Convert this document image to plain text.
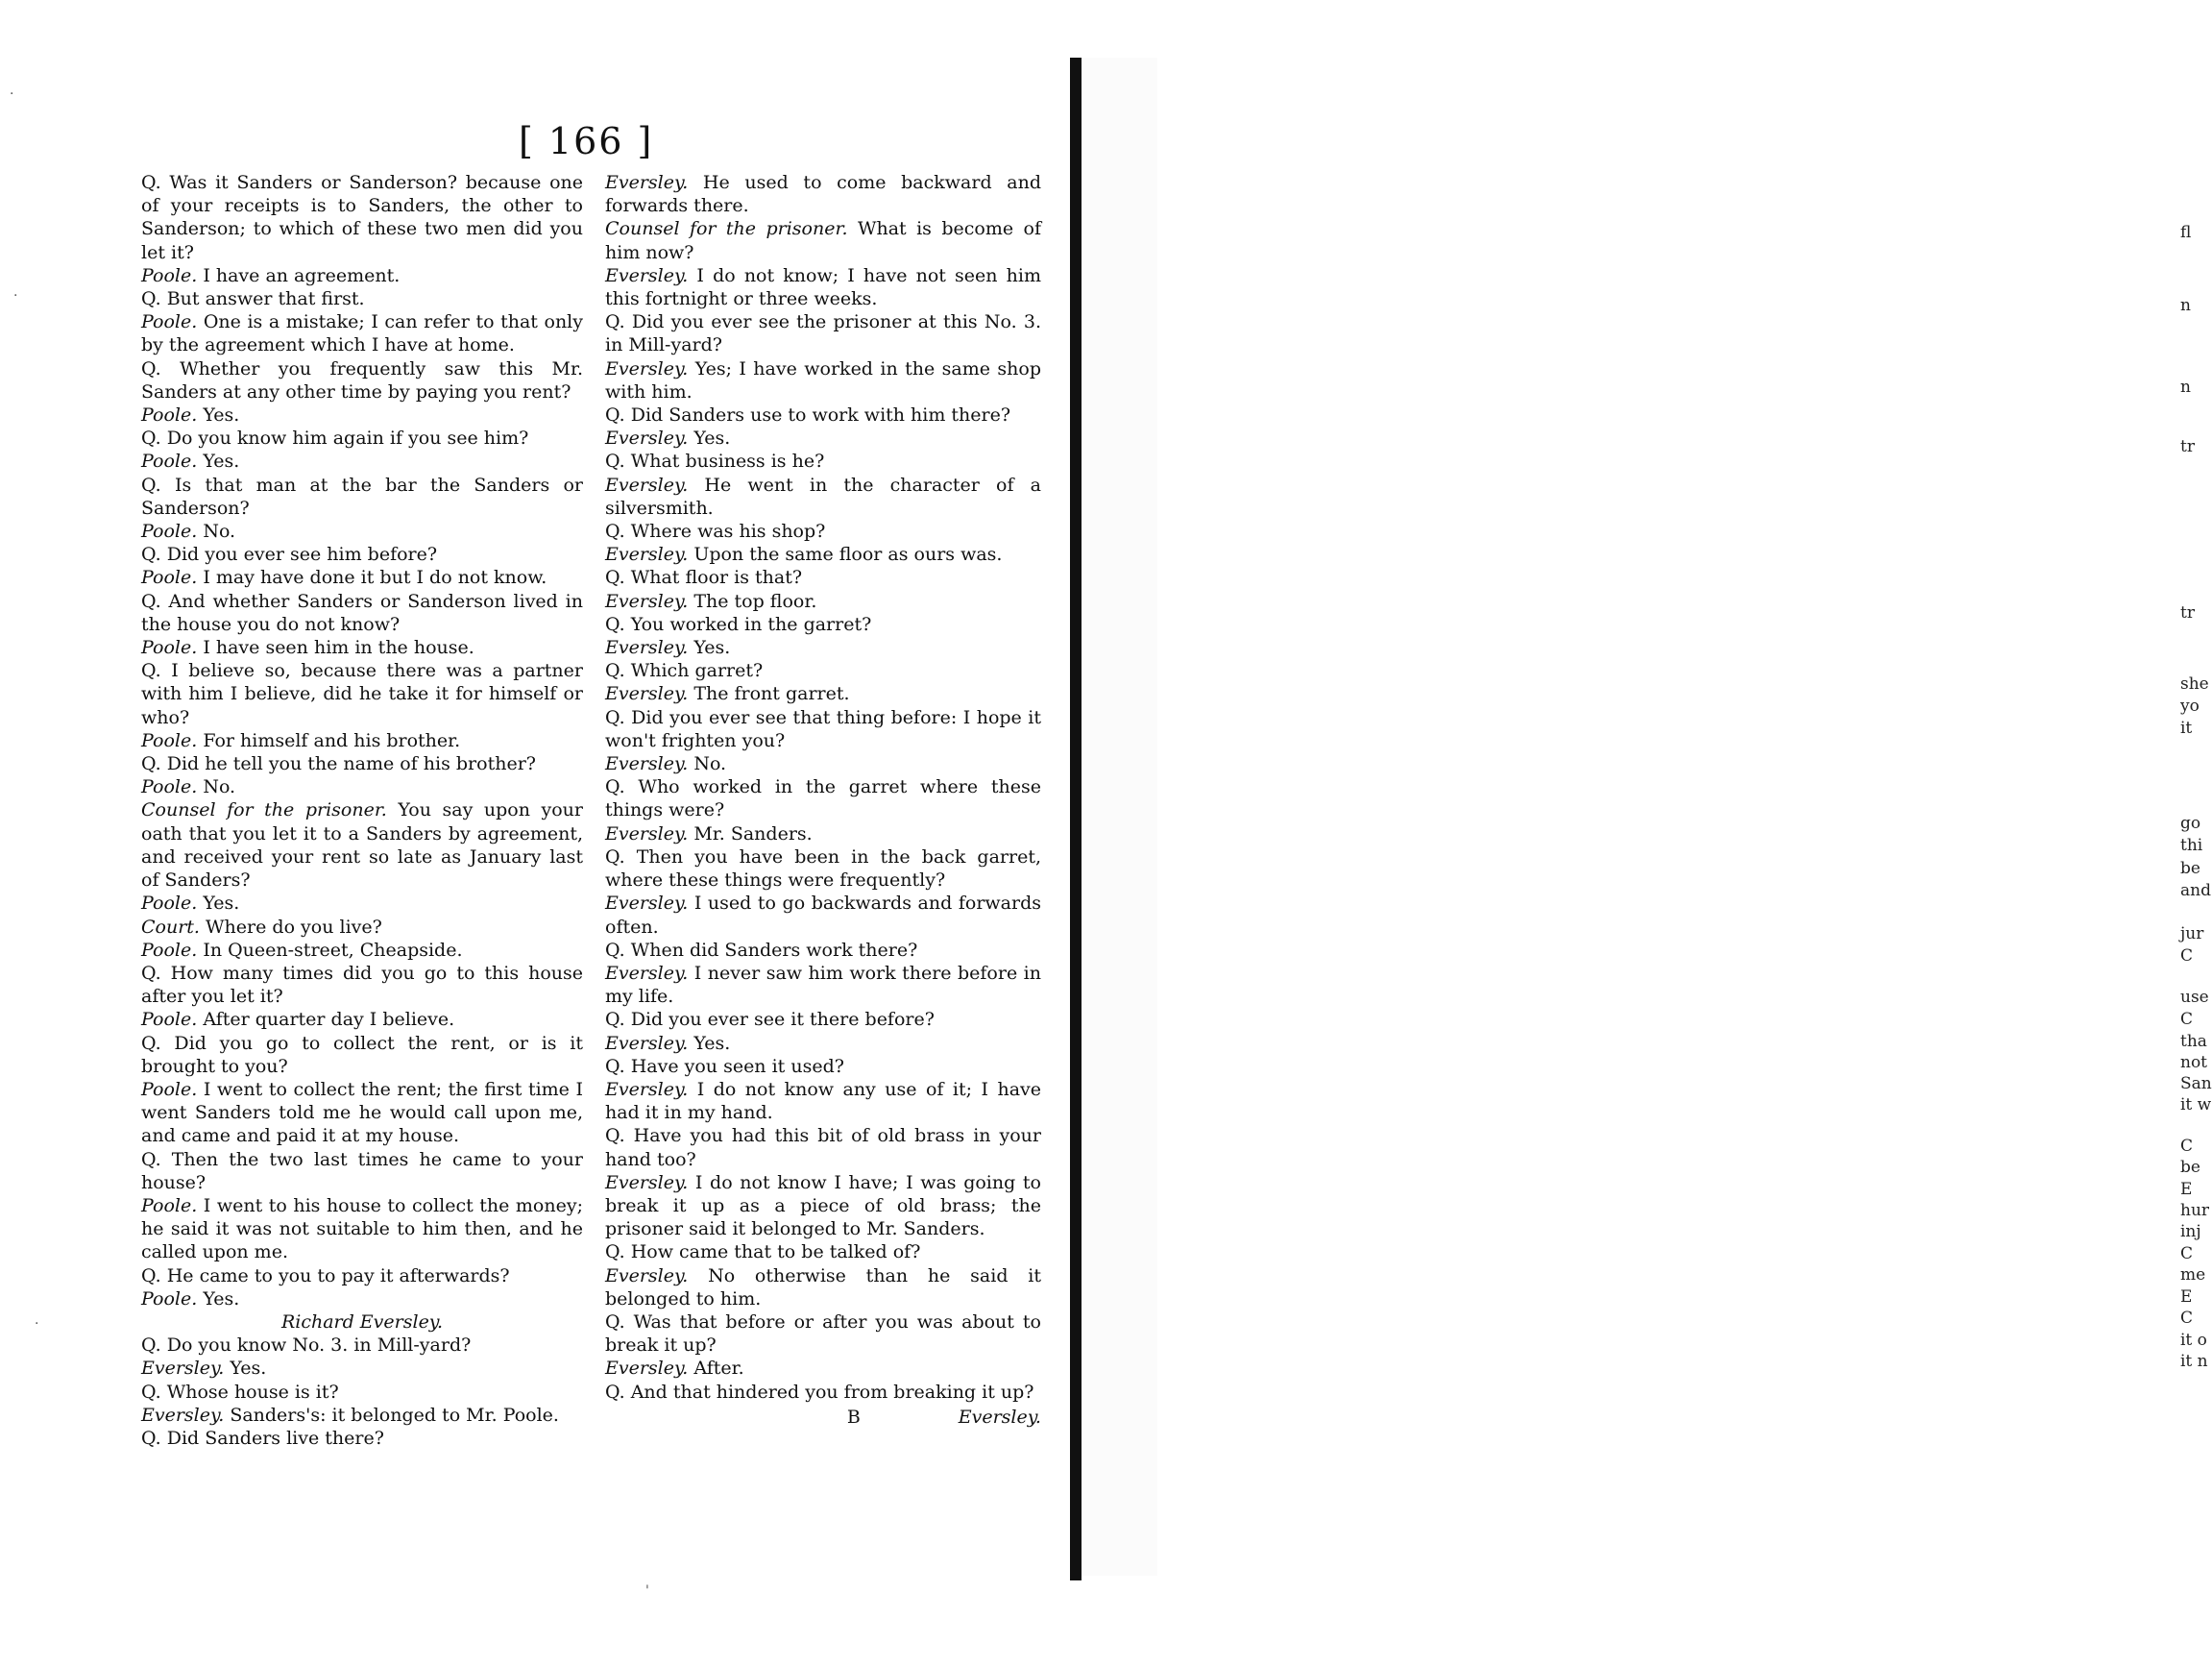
fl
n
n
tr
tr
she
yo
it
go
thi
be
and
jur
C
use
C
tha
not
San
it w
C
be
E
hur
inj
C
me
E
C
it o
it n
·
·
·
'
[ 166 ]

Q. Was it Sanders or Sanderson? because one of your receipts is to Sanders, the other to Sanderson; to which of these two men did you let it?

Poole. I have an agreement.

Q. But answer that first.

Poole. One is a mistake; I can refer to that only by the agreement which I have at home.

Q. Whether you frequently saw this Mr. Sanders at any other time by paying you rent?

Poole. Yes.

Q. Do you know him again if you see him?

Poole. Yes.

Q. Is that man at the bar the Sanders or Sanderson?

Poole. No.

Q. Did you ever see him before?

Poole. I may have done it but I do not know.

Q. And whether Sanders or Sanderson lived in the house you do not know?

Poole. I have seen him in the house.

Q. I believe so, because there was a partner with him I believe, did he take it for himself or who?

Poole. For himself and his brother.

Q. Did he tell you the name of his brother?

Poole. No.

Counsel for the prisoner. You say upon your oath that you let it to a Sanders by agreement, and received your rent so late as January last of Sanders?

Poole. Yes.

Court. Where do you live?

Poole. In Queen-street, Cheapside.

Q. How many times did you go to this house after you let it?

Poole. After quarter day I believe.

Q. Did you go to collect the rent, or is it brought to you?

Poole. I went to collect the rent; the first time I went Sanders told me he would call upon me, and came and paid it at my house.

Q. Then the two last times he came to your house?

Poole. I went to his house to collect the money; he said it was not suitable to him then, and he called upon me.

Q. He came to you to pay it afterwards?

Poole. Yes.

Richard Eversley.

Q. Do you know No. 3. in Mill-yard?

Eversley. Yes.

Q. Whose house is it?

Eversley. Sanders's: it belonged to Mr. Poole.

Q. Did Sanders live there?

Eversley. He used to come backward and forwards there.

Counsel for the prisoner. What is become of him now?

Eversley. I do not know; I have not seen him this fortnight or three weeks.

Q. Did you ever see the prisoner at this No. 3. in Mill-yard?

Eversley. Yes; I have worked in the same shop with him.

Q. Did Sanders use to work with him there?

Eversley. Yes.

Q. What business is he?

Eversley. He went in the character of a silversmith.

Q. Where was his shop?

Eversley. Upon the same floor as ours was.

Q. What floor is that?

Eversley. The top floor.

Q. You worked in the garret?

Eversley. Yes.

Q. Which garret?

Eversley. The front garret.

Q. Did you ever see that thing before: I hope it won't frighten you?

Eversley. No.

Q. Who worked in the garret where these things were?

Eversley. Mr. Sanders.

Q. Then you have been in the back garret, where these things were frequently?

Eversley. I used to go backwards and forwards often.

Q. When did Sanders work there?

Eversley. I never saw him work there before in my life.

Q. Did you ever see it there before?

Eversley. Yes.

Q. Have you seen it used?

Eversley. I do not know any use of it; I have had it in my hand.

Q. Have you had this bit of old brass in your hand too?

Eversley. I do not know I have; I was going to break it up as a piece of old brass; the prisoner said it belonged to Mr. Sanders.

Q. How came that to be talked of?

Eversley. No otherwise than he said it belonged to him.

Q. Was that before or after you was about to break it up?

Eversley. After.

Q. And that hindered you from breaking it up?

B	Eversley.
